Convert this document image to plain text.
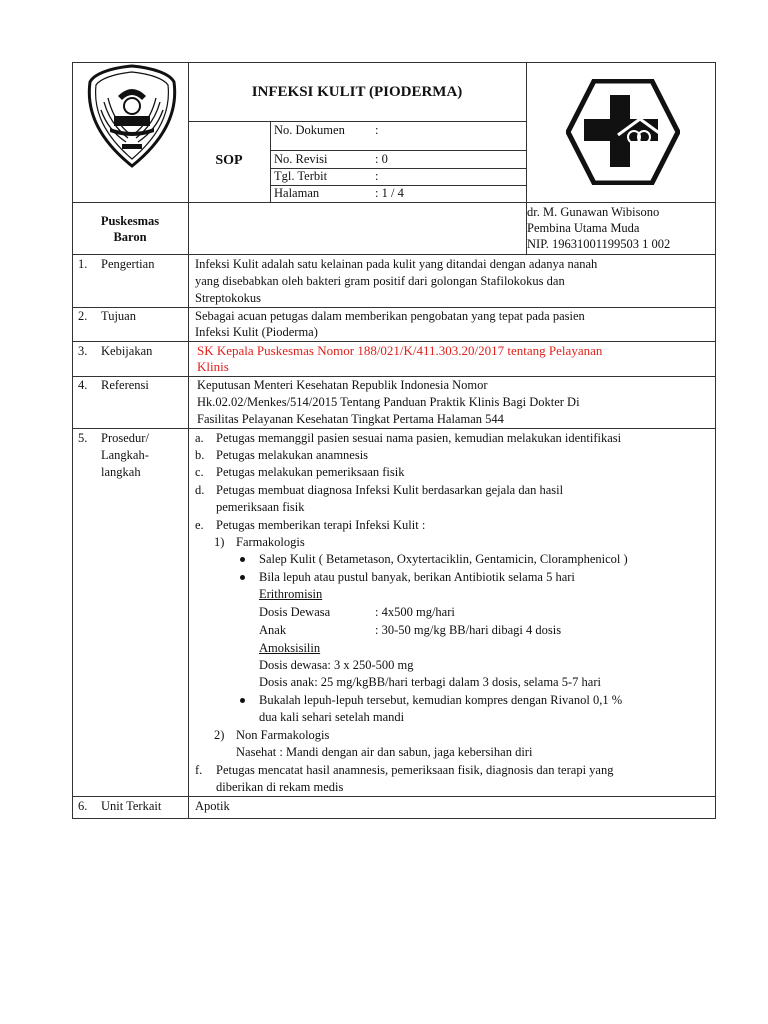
INFEKSI KULIT (PIODERMA)
SOP
No. Dokumen :
No. Revisi	: 0
Tgl. Terbit	:
Halaman	: 1 / 4
Puskesmas
Baron
dr. M. Gunawan Wibisono
Pembina Utama Muda
NIP. 19631001199503 1 002
1. Pengertian	Infeksi Kulit adalah satu kelainan pada kulit yang ditandai dengan adanya nanah
yang disebabkan oleh bakteri gram positif dari golongan Stafilokokus dan
Streptokokus
2. Tujuan	Sebagai acuan petugas dalam memberikan pengobatan yang tepat pada pasien
Infeksi Kulit (Pioderma)
3. Kebijakan	SK Kepala Puskesmas Nomor 188/021/K/411.303.20/2017 tentang Pelayanan
Klinis
4. Referensi	Keputusan Menteri Kesehatan Republik Indonesia Nomor
Hk.02.02/Menkes/514/2015 Tentang Panduan Praktik Klinis Bagi Dokter Di
Fasilitas Pelayanan Kesehatan Tingkat Pertama Halaman 544
5. Prosedur/
Langkah-
langkah
a. Petugas memanggil pasien sesuai nama pasien, kemudian melakukan identifikasi
b. Petugas melakukan anamnesis
c. Petugas melakukan pemeriksaan fisik
d. Petugas membuat diagnosa Infeksi Kulit berdasarkan gejala dan hasil
pemeriksaan fisik
e. Petugas memberikan terapi Infeksi Kulit :
1) Farmakologis
Salep Kulit ( Betametason, Oxytertaciklin, Gentamicin, Cloramphenicol )
Bila lepuh atau pustul banyak, berikan Antibiotik selama 5 hari
Erithromisin
Dosis Dewasa	: 4x500 mg/hari
Anak	: 30-50 mg/kg BB/hari dibagi 4 dosis
Amoksisilin
Dosis dewasa: 3 x 250-500 mg
Dosis anak: 25 mg/kgBB/hari terbagi dalam 3 dosis, selama 5-7 hari
Bukalah lepuh-lepuh tersebut, kemudian kompres dengan Rivanol 0,1 %
dua kali sehari setelah mandi
2) Non Farmakologis
Nasehat : Mandi dengan air dan sabun, jaga kebersihan diri
f. Petugas mencatat hasil anamnesis, pemeriksaan fisik, diagnosis dan terapi yang
diberikan di rekam medis
6. Unit Terkait	Apotik
